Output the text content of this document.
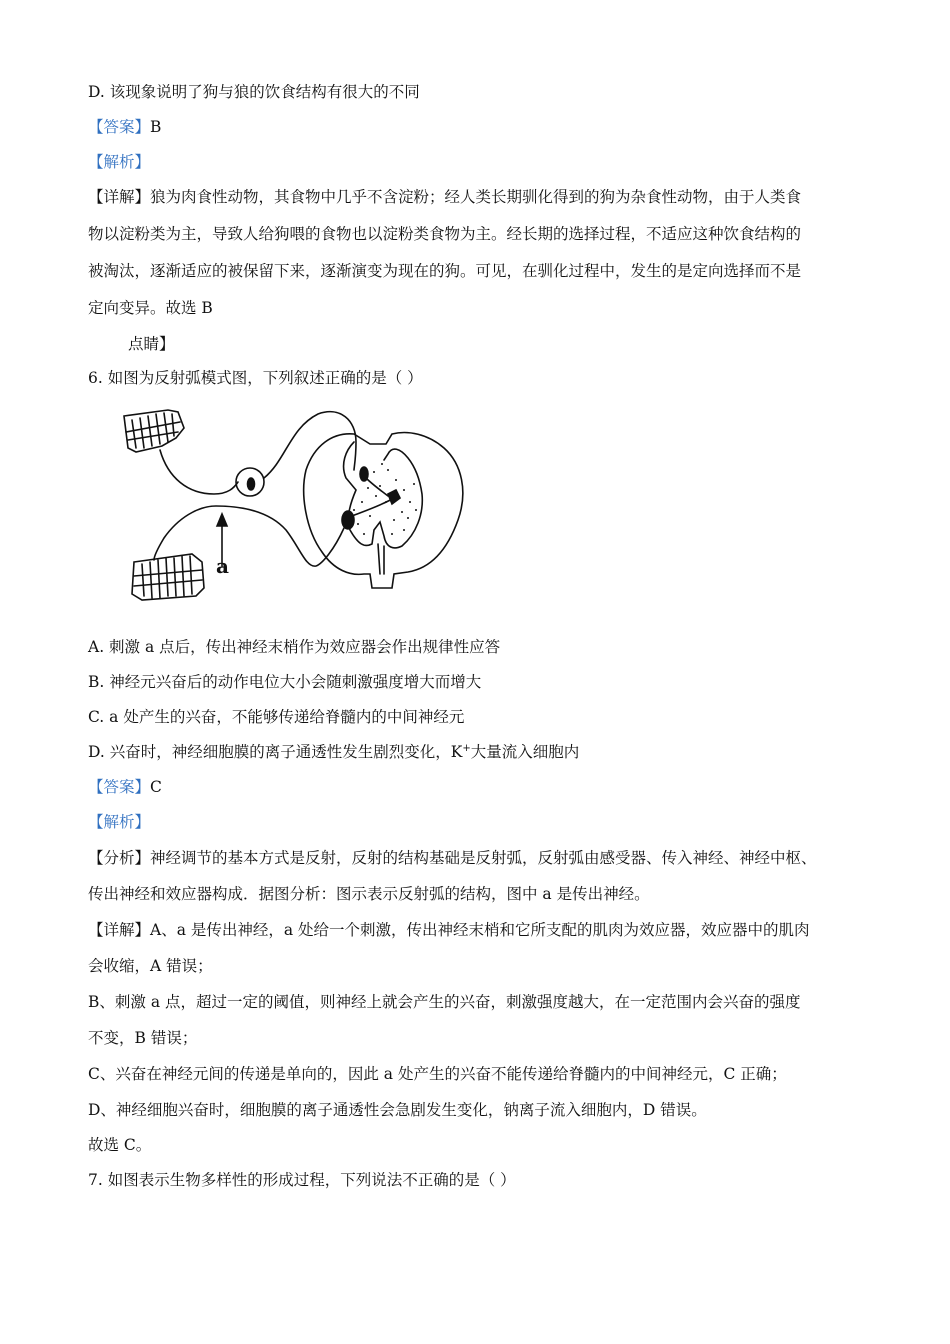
D. 该现象说明了狗与狼的饮食结构有很大的不同
【答案】B
【解析】
【详解】狼为肉食性动物，其食物中几乎不含淀粉；经人类长期驯化得到的狗为杂食性动物，由于人类食
物以淀粉类为主，导致人给狗喂的食物也以淀粉类食物为主。经长期的选择过程，不适应这种饮食结构的
被淘汰，逐渐适应的被保留下来，逐渐演变为现在的狗。可见，在驯化过程中，发生的是定向选择而不是
定向变异。故选 B
点睛】
6. 如图为反射弧模式图，下列叙述正确的是（ ）
a
A. 刺激 a 点后，传出神经末梢作为效应器会作出规律性应答
B. 神经元兴奋后的动作电位大小会随刺激强度增大而增大
C. a 处产生的兴奋，不能够传递给脊髓内的中间神经元
D. 兴奋时，神经细胞膜的离子通透性发生剧烈变化，K+大量流入细胞内
【答案】C
【解析】
【分析】神经调节的基本方式是反射，反射的结构基础是反射弧，反射弧由感受器、传入神经、神经中枢、
传出神经和效应器构成．据图分析：图示表示反射弧的结构，图中 a 是传出神经。
【详解】A、a 是传出神经，a 处给一个刺激，传出神经末梢和它所支配的肌肉为效应器，效应器中的肌肉
会收缩，A 错误；
B、刺激 a 点，超过一定的阈值，则神经上就会产生的兴奋，刺激强度越大，在一定范围内会兴奋的强度
不变，B 错误；
C、兴奋在神经元间的传递是单向的，因此 a 处产生的兴奋不能传递给脊髓内的中间神经元，C 正确；
D、神经细胞兴奋时，细胞膜的离子通透性会急剧发生变化，钠离子流入细胞内，D 错误。
故选 C。
7. 如图表示生物多样性的形成过程，下列说法不正确的是（ ）
